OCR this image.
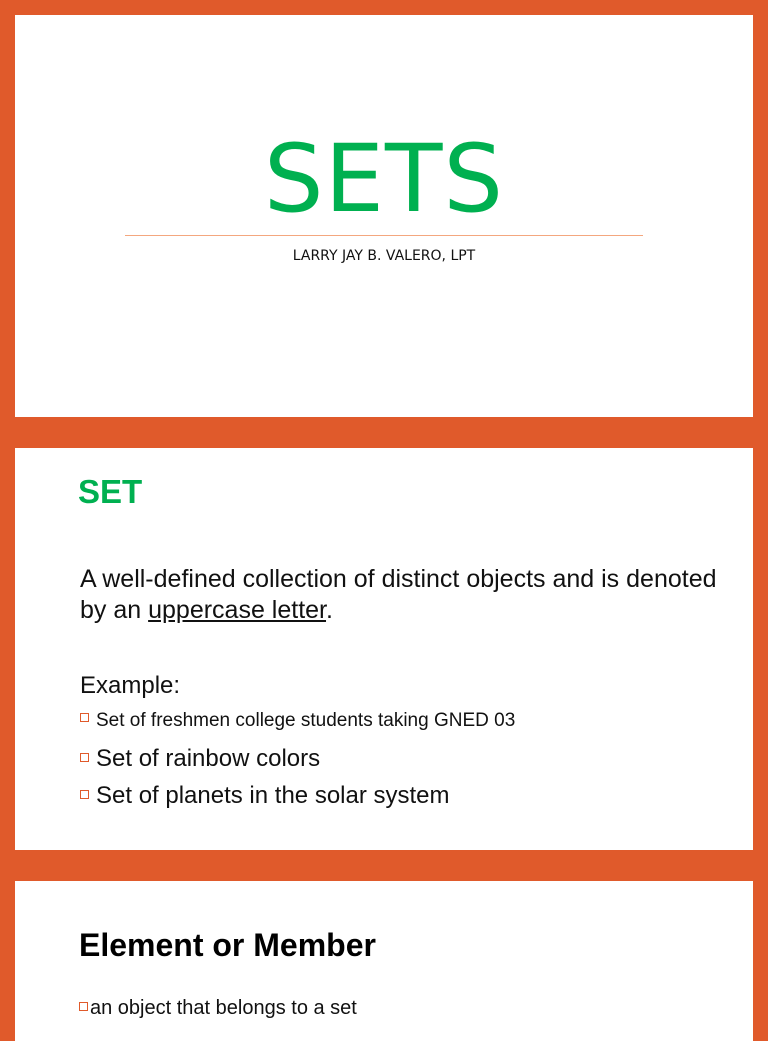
SETS
LARRY JAY B. VALERO, LPT
SET
A well-defined collection of distinct objects and is denoted by an uppercase letter.
Example:
Set of freshmen college students taking GNED 03
Set of rainbow colors
Set of planets in the solar system
Element or Member
an object that belongs to a set
